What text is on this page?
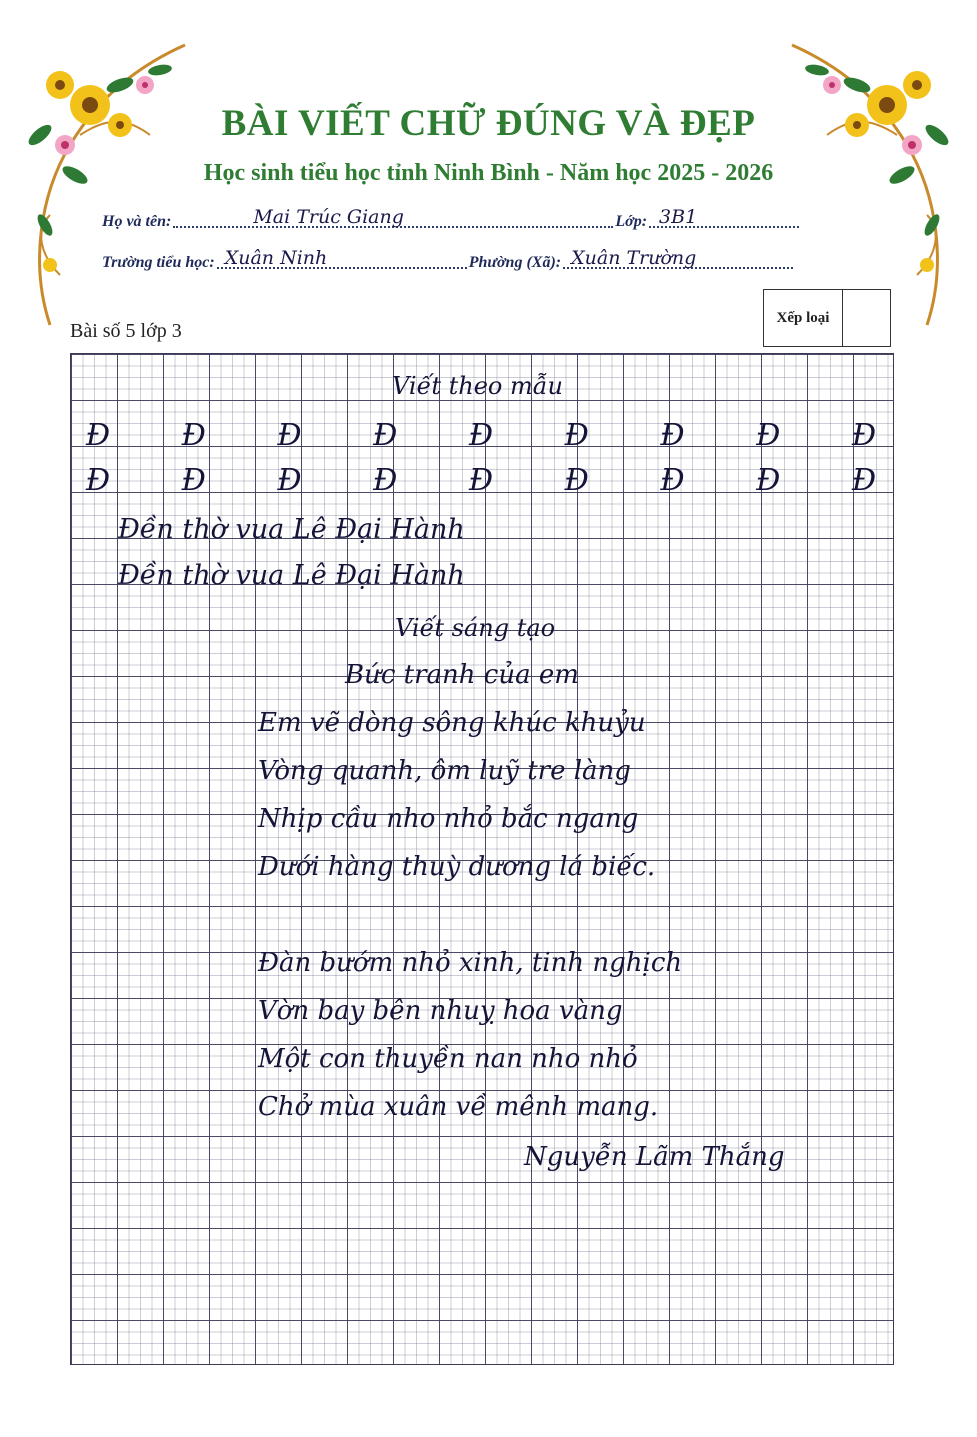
BÀI VIẾT CHỮ ĐÚNG VÀ ĐẸP
Học sinh tiểu học tỉnh Ninh Bình - Năm học 2025 - 2026
Họ và tên:	Mai Trúc Giang	Lớp: 3B1
Trường tiểu học: Xuân Ninh	Phường (Xã): Xuân Trường
Xếp loại
Bài số 5 lớp 3
Viết theo mẫu
Đ Đ Đ Đ Đ Đ Đ Đ Đ
Đ Đ Đ Đ Đ Đ Đ Đ Đ
Đền thờ vua Lê Đại Hành
Đền thờ vua Lê Đại Hành
Viết sáng tạo
Bức tranh của em
Em vẽ dòng sông khúc khuỷu
Vòng quanh, ôm luỹ tre làng
Nhịp cầu nho nhỏ bắc ngang
Dưới hàng thuỳ dương lá biếc.
Đàn bướm nhỏ xinh, tinh nghịch
Vờn bay bên nhuỵ hoa vàng
Một con thuyền nan nho nhỏ
Chở mùa xuân về mênh mang.
Nguyễn Lãm Thắng
